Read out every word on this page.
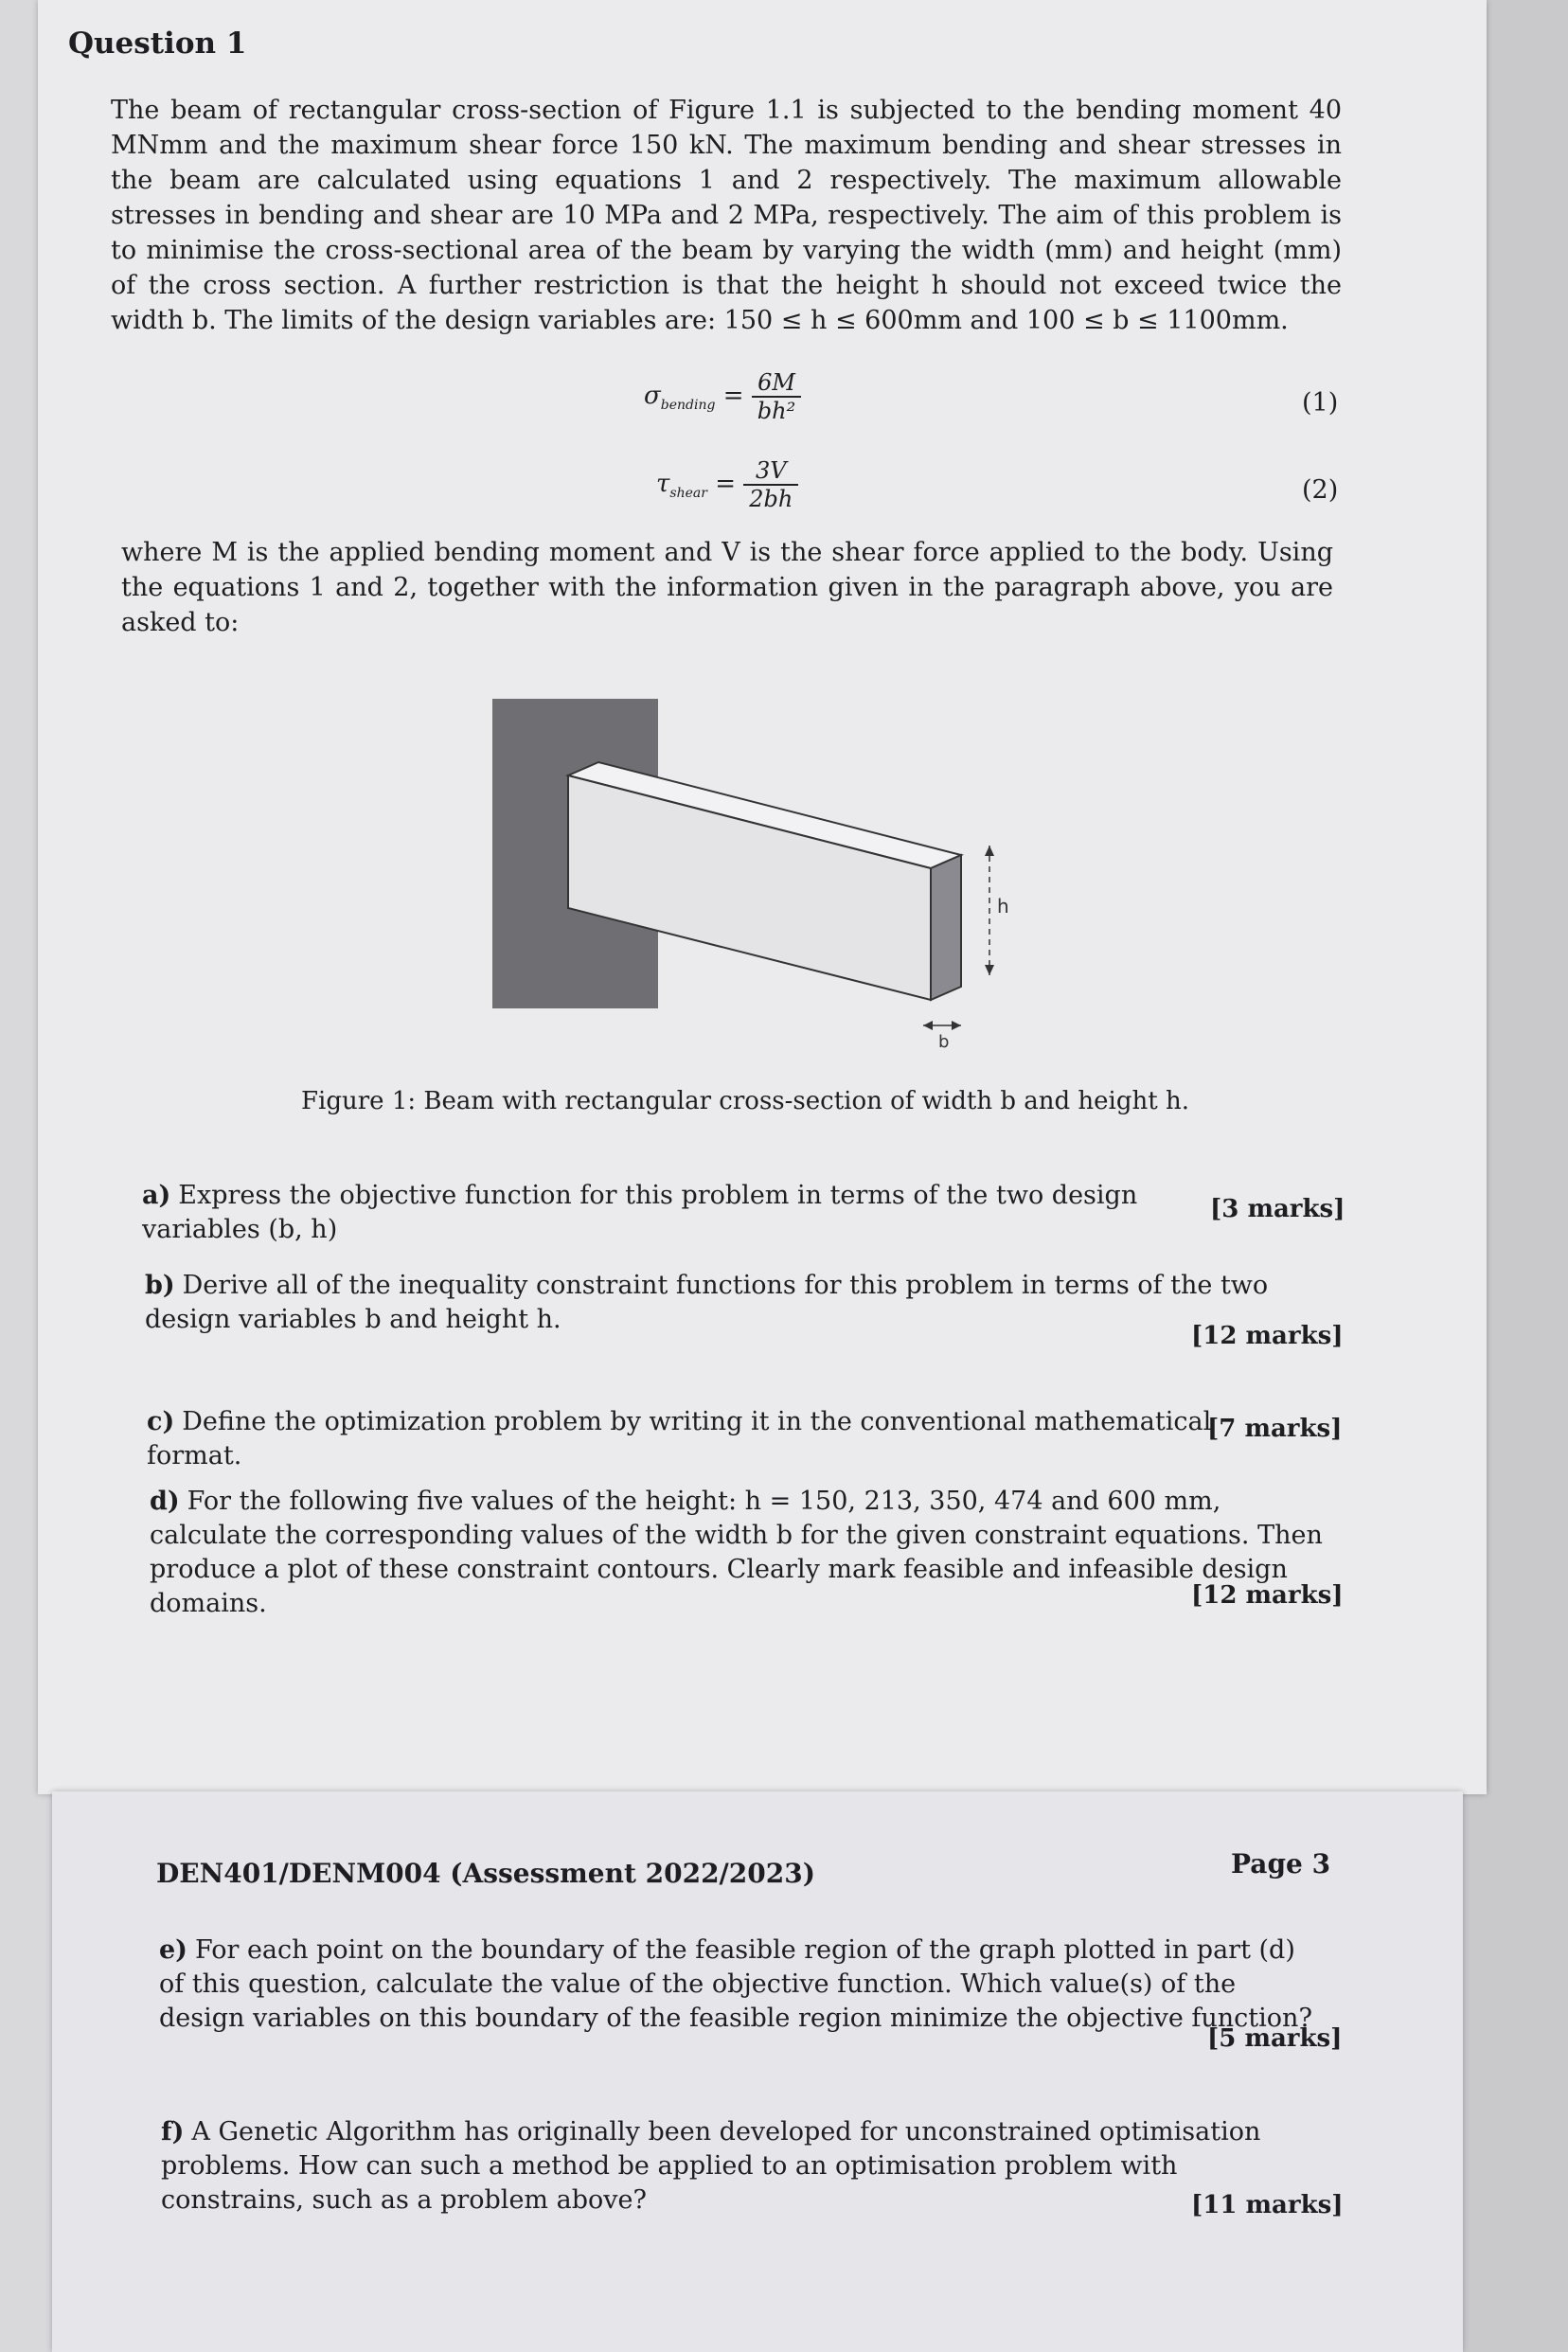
Question 1
The beam of rectangular cross-section of Figure 1.1 is subjected to the bending moment 40 MNmm and the maximum shear force 150 kN. The maximum bending and shear stresses in the beam are calculated using equations 1 and 2 respectively. The maximum allowable stresses in bending and shear are 10 MPa and 2 MPa, respectively. The aim of this problem is to minimise the cross-sectional area of the beam by varying the width (mm) and height (mm) of the cross section. A further restriction is that the height h should not exceed twice the width b. The limits of the design variables are: 150 ≤ h ≤ 600mm and 100 ≤ b ≤ 1100mm.
$\sigma_{bending} = \frac{6M}{\text{bh²}}$	(1)
$\tau_{shear} = \frac{3V}{2bh}$	(2)
where M is the applied bending moment and V is the shear force applied to the body. Using the equations 1 and 2, together with the information given in the paragraph above, you are asked to:
h
b
Figure 1: Beam with rectangular cross-section of width b and height h.
a) Express the objective function for this problem in terms of the two design variables (b, h)
[3 marks]
b) Derive all of the inequality constraint functions for this problem in terms of the two design variables b and height h.
[12 marks]
c) Define the optimization problem by writing it in the conventional mathematical format.
[7 marks]
d) For the following five values of the height: h = 150, 213, 350, 474 and 600 mm, calculate the corresponding values of the width b for the given constraint equations. Then produce a plot of these constraint contours. Clearly mark feasible and infeasible design domains.	[12 marks]
DEN401/DENM004 (Assessment 2022/2023)	Page 3
e) For each point on the boundary of the feasible region of the graph plotted in part (d) of this question, calculate the value of the objective function. Which value(s) of the design variables on this boundary of the feasible region minimize the objective function?
[5 marks]
f) A Genetic Algorithm has originally been developed for unconstrained optimisation problems. How can such a method be applied to an optimisation problem with constrains, such as a problem above?	[11 marks]
